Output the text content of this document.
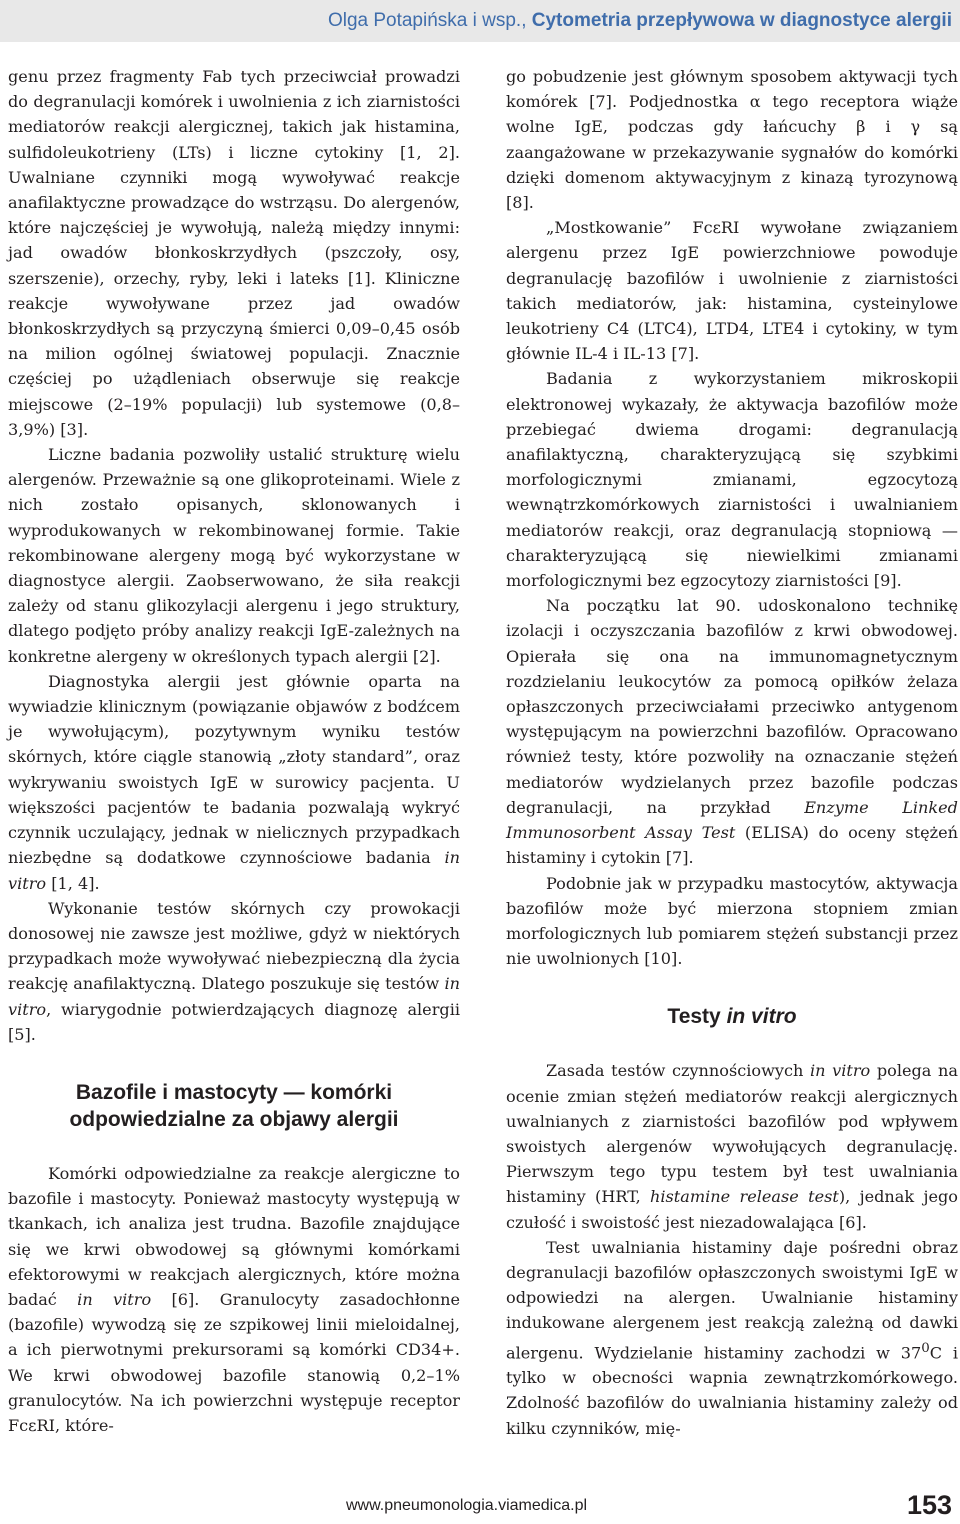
Olga Potapińska i wsp., Cytometria przepływowa w diagnostyce alergii

genu przez fragmenty Fab tych przeciwciał prowadzi do degranulacji komórek i uwolnienia z ich ziarnistości mediatorów reakcji alergicznej, takich jak histamina, sulfidoleukotrieny (LTs) i liczne cytokiny [1, 2]. Uwalniane czynniki mogą wywoływać reakcje anafilaktyczne prowadzące do wstrząsu. Do alergenów, które najczęściej je wywołują, należą między innymi: jad owadów błonkoskrzydłych (pszczoły, osy, szerszenie), orzechy, ryby, leki i lateks [1]. Kliniczne reakcje wywoływane przez jad owadów błonkoskrzydłych są przyczyną śmierci 0,09–0,45 osób na milion ogólnej światowej populacji. Znacznie częściej po użądleniach obserwuje się reakcje miejscowe (2–19% populacji) lub systemowe (0,8–3,9%) [3].

Liczne badania pozwoliły ustalić strukturę wielu alergenów. Przeważnie są one glikoproteinami. Wiele z nich zostało opisanych, sklonowanych i wyprodukowanych w rekombinowanej formie. Takie rekombinowane alergeny mogą być wykorzystane w diagnostyce alergii. Zaobserwowano, że siła reakcji zależy od stanu glikozylacji alergenu i jego struktury, dlatego podjęto próby analizy reakcji IgE-zależnych na konkretne alergeny w określonych typach alergii [2].

Diagnostyka alergii jest głównie oparta na wywiadzie klinicznym (powiązanie objawów z bodźcem je wywołującym), pozytywnym wyniku testów skórnych, które ciągle stanowią „złoty standard”, oraz wykrywaniu swoistych IgE w surowicy pacjenta. U większości pacjentów te badania pozwalają wykryć czynnik uczulający, jednak w nielicznych przypadkach niezbędne są dodatkowe czynnościowe badania in vitro [1, 4].

Wykonanie testów skórnych czy prowokacji donosowej nie zawsze jest możliwe, gdyż w niektórych przypadkach może wywoływać niebezpieczną dla życia reakcję anafilaktyczną. Dlatego poszukuje się testów in vitro, wiarygodnie potwierdzających diagnozę alergii [5].

Bazofile i mastocyty — komórki odpowiedzialne za objawy alergii

Komórki odpowiedzialne za reakcje alergiczne to bazofile i mastocyty. Ponieważ mastocyty występują w tkankach, ich analiza jest trudna. Bazofile znajdujące się we krwi obwodowej są głównymi komórkami efektorowymi w reakcjach alergicznych, które można badać in vitro [6]. Granulocyty zasadochłonne (bazofile) wywodzą się ze szpikowej linii mieloidalnej, a ich pierwotnymi prekursorami są komórki CD34+. We krwi obwodowej bazofile stanowią 0,2–1% granulocytów. Na ich powierzchni występuje receptor FcεRI, które-

go pobudzenie jest głównym sposobem aktywacji tych komórek [7]. Podjednostka α tego receptora wiąże wolne IgE, podczas gdy łańcuchy β i γ są zaangażowane w przekazywanie sygnałów do komórki dzięki domenom aktywacyjnym z kinazą tyrozynową [8].

„Mostkowanie” FcεRI wywołane związaniem alergenu przez IgE powierzchniowe powoduje degranulację bazofilów i uwolnienie z ziarnistości takich mediatorów, jak: histamina, cysteinylowe leukotrieny C4 (LTC4), LTD4, LTE4 i cytokiny, w tym głównie IL-4 i IL-13 [7].

Badania z wykorzystaniem mikroskopii elektronowej wykazały, że aktywacja bazofilów może przebiegać dwiema drogami: degranulacją anafilaktyczną, charakteryzującą się szybkimi morfologicznymi zmianami, egzocytozą wewnątrzkomórkowych ziarnistości i uwalnianiem mediatorów reakcji, oraz degranulacją stopniową — charakteryzującą się niewielkimi zmianami morfologicznymi bez egzocytozy ziarnistości [9].

Na początku lat 90. udoskonalono technikę izolacji i oczyszczania bazofilów z krwi obwodowej. Opierała się ona na immunomagnetycznym rozdzielaniu leukocytów za pomocą opiłków żelaza opłaszczonych przeciwciałami przeciwko antygenom występującym na powierzchni bazofilów. Opracowano również testy, które pozwoliły na oznaczanie stężeń mediatorów wydzielanych przez bazofile podczas degranulacji, na przykład Enzyme Linked Immunosorbent Assay Test (ELISA) do oceny stężeń histaminy i cytokin [7].

Podobnie jak w przypadku mastocytów, aktywacja bazofilów może być mierzona stopniem zmian morfologicznych lub pomiarem stężeń substancji przez nie uwolnionych [10].

Testy in vitro

Zasada testów czynnościowych in vitro polega na ocenie zmian stężeń mediatorów reakcji alergicznych uwalnianych z ziarnistości bazofilów pod wpływem swoistych alergenów wywołujących degranulację. Pierwszym tego typu testem był test uwalniania histaminy (HRT, histamine release test), jednak jego czułość i swoistość jest niezadowalająca [6].

Test uwalniania histaminy daje pośredni obraz degranulacji bazofilów opłaszczonych swoistymi IgE w odpowiedzi na alergen. Uwalnianie histaminy indukowane alergenem jest reakcją zależną od dawki alergenu. Wydzielanie histaminy zachodzi w $37^0C$ i tylko w obecności wapnia zewnątrzkomórkowego. Zdolność bazofilów do uwalniania histaminy zależy od kilku czynników, mię-

www.pneumonologia.viamedica.pl	153
